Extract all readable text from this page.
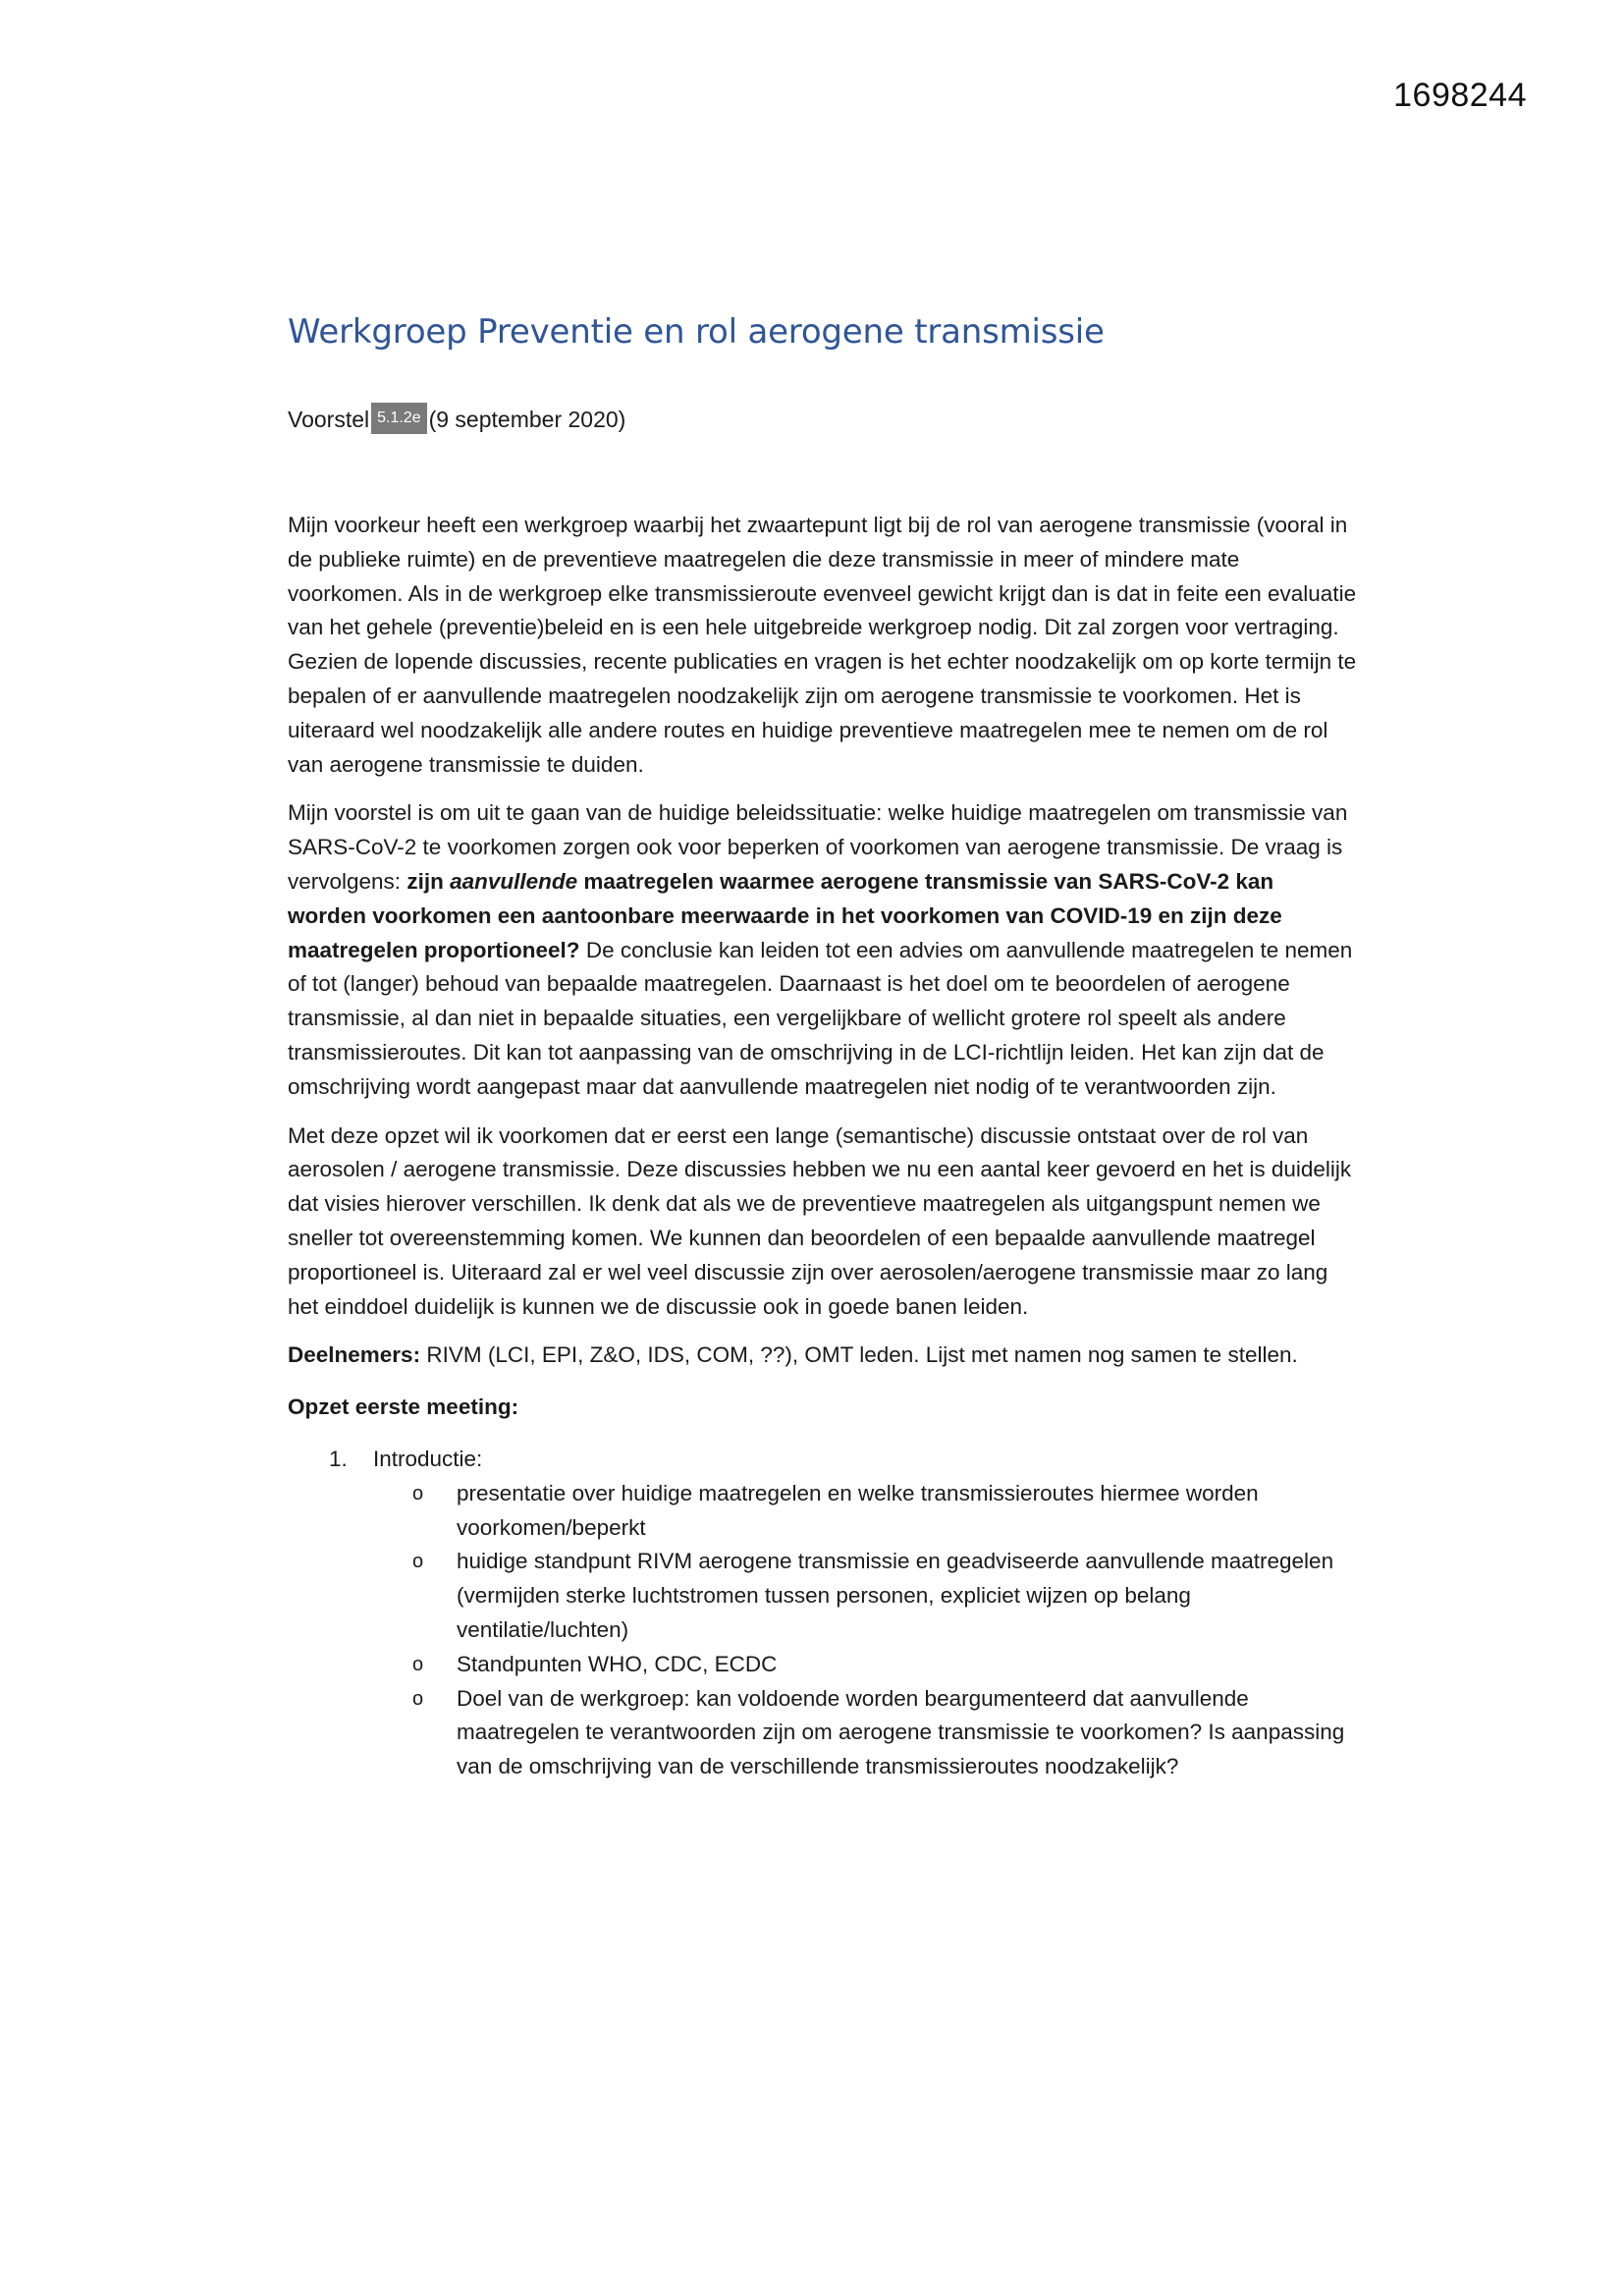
1698244
Werkgroep Preventie en rol aerogene transmissie
Voorstel 5.1.2e (9 september 2020)

Mijn voorkeur heeft een werkgroep waarbij het zwaartepunt ligt bij de rol van aerogene transmissie (vooral in de publieke ruimte) en de preventieve maatregelen die deze transmissie in meer of mindere mate voorkomen. Als in de werkgroep elke transmissieroute evenveel gewicht krijgt dan is dat in feite een evaluatie van het gehele (preventie)beleid en is een hele uitgebreide werkgroep nodig. Dit zal zorgen voor vertraging. Gezien de lopende discussies, recente publicaties en vragen is het echter noodzakelijk om op korte termijn te bepalen of er aanvullende maatregelen noodzakelijk zijn om aerogene transmissie te voorkomen. Het is uiteraard wel noodzakelijk alle andere routes en huidige preventieve maatregelen mee te nemen om de rol van aerogene transmissie te duiden.

Mijn voorstel is om uit te gaan van de huidige beleidssituatie: welke huidige maatregelen om transmissie van SARS-CoV-2 te voorkomen zorgen ook voor beperken of voorkomen van aerogene transmissie. De vraag is vervolgens: zijn aanvullende maatregelen waarmee aerogene transmissie van SARS-CoV-2 kan worden voorkomen een aantoonbare meerwaarde in het voorkomen van COVID-19 en zijn deze maatregelen proportioneel? De conclusie kan leiden tot een advies om aanvullende maatregelen te nemen of tot (langer) behoud van bepaalde maatregelen. Daarnaast is het doel om te beoordelen of aerogene transmissie, al dan niet in bepaalde situaties, een vergelijkbare of wellicht grotere rol speelt als andere transmissieroutes. Dit kan tot aanpassing van de omschrijving in de LCI-richtlijn leiden. Het kan zijn dat de omschrijving wordt aangepast maar dat aanvullende maatregelen niet nodig of te verantwoorden zijn.

Met deze opzet wil ik voorkomen dat er eerst een lange (semantische) discussie ontstaat over de rol van aerosolen / aerogene transmissie. Deze discussies hebben we nu een aantal keer gevoerd en het is duidelijk dat visies hierover verschillen. Ik denk dat als we de preventieve maatregelen als uitgangspunt nemen we sneller tot overeenstemming komen. We kunnen dan beoordelen of een bepaalde aanvullende maatregel proportioneel is. Uiteraard zal er wel veel discussie zijn over aerosolen/aerogene transmissie maar zo lang het einddoel duidelijk is kunnen we de discussie ook in goede banen leiden.

Deelnemers: RIVM (LCI, EPI, Z&O, IDS, COM, ??), OMT leden. Lijst met namen nog samen te stellen.

Opzet eerste meeting:

1. Introductie:
o presentatie over huidige maatregelen en welke transmissieroutes hiermee worden voorkomen/beperkt
o huidige standpunt RIVM aerogene transmissie en geadviseerde aanvullende maatregelen (vermijden sterke luchtstromen tussen personen, expliciet wijzen op belang ventilatie/luchten)
o Standpunten WHO, CDC, ECDC
o Doel van de werkgroep: kan voldoende worden beargumenteerd dat aanvullende maatregelen te verantwoorden zijn om aerogene transmissie te voorkomen? Is aanpassing van de omschrijving van de verschillende transmissieroutes noodzakelijk?
